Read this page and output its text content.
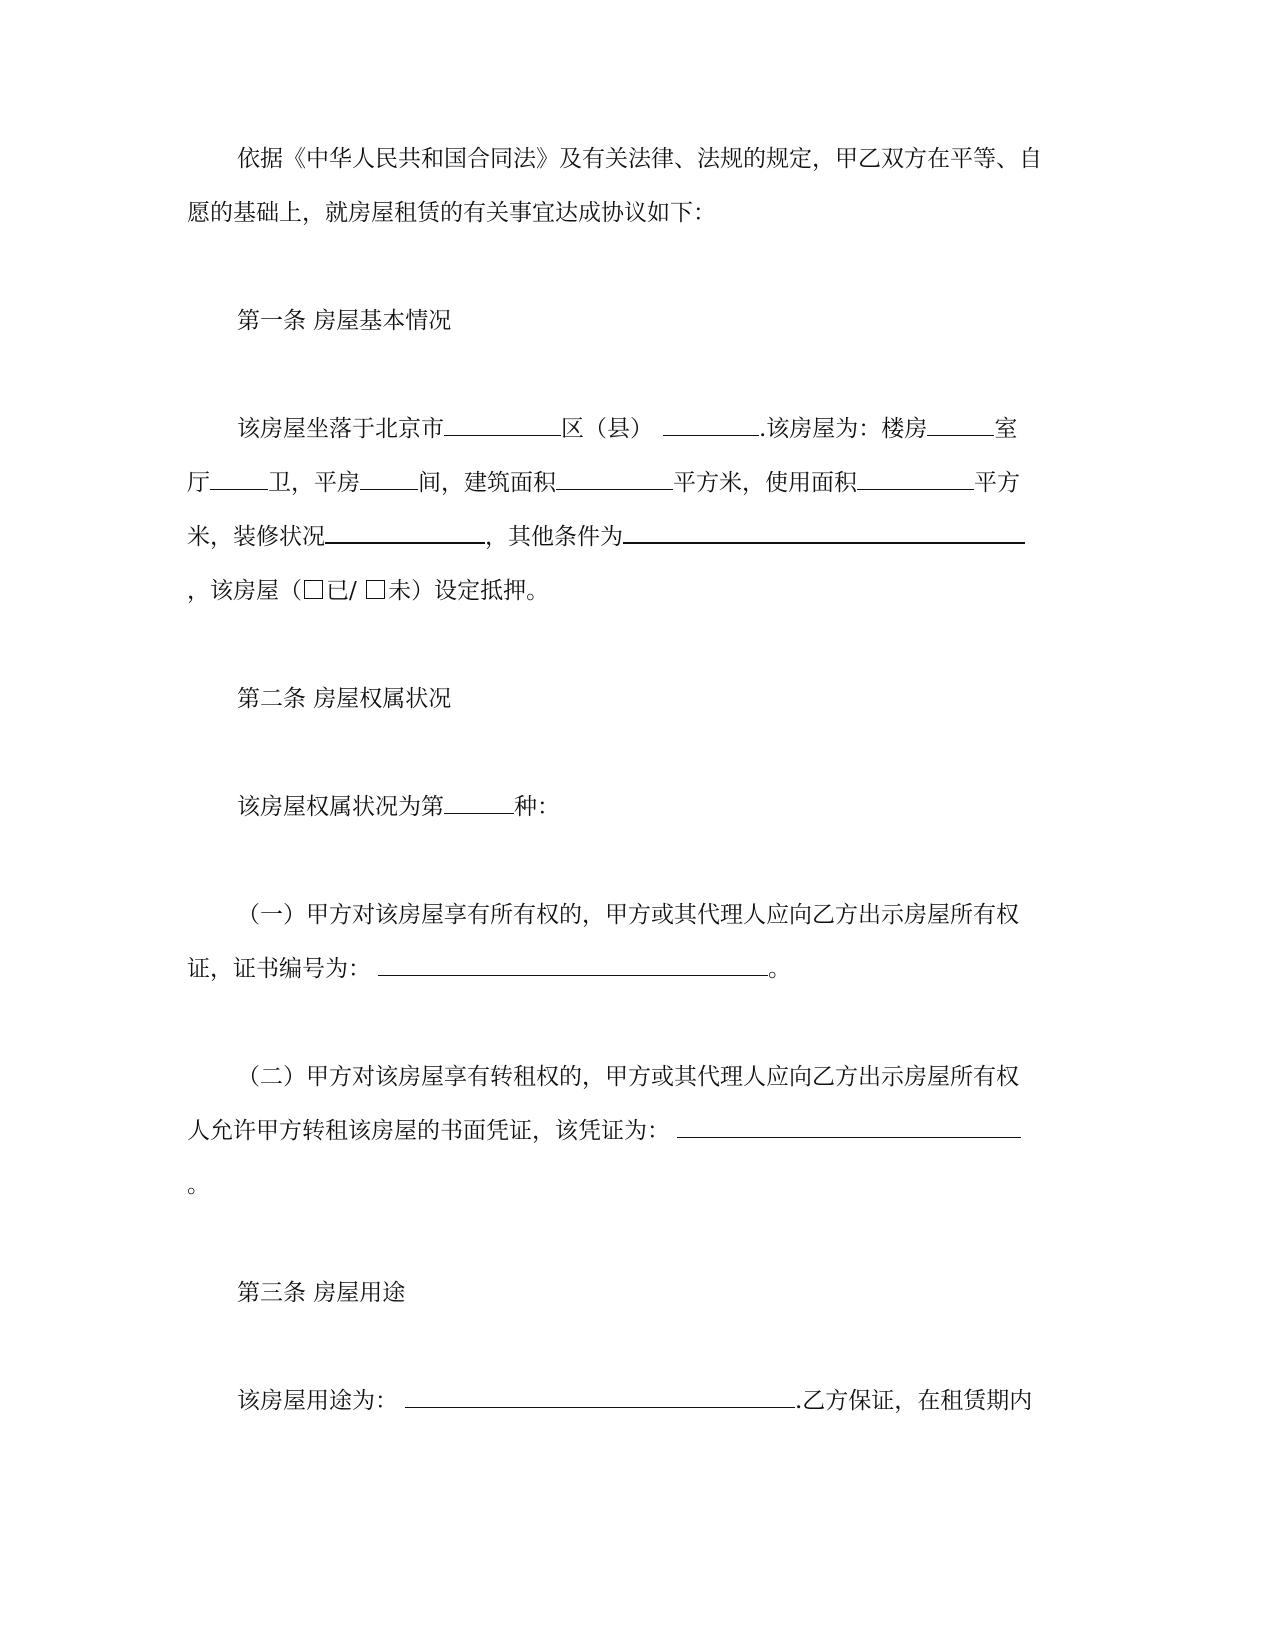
依据《中华人民共和国合同法》及有关法律、法规的规定，甲乙双方在平等、自
愿的基础上，就房屋租赁的有关事宜达成协议如下：
第一条 房屋基本情况
该房屋坐落于北京市	区（县）	.该房屋为：楼房	室
厅	卫，平房	间，建筑面积	平方米，使用面积	平方
米，装修状况	，其他条件为
，该房屋（ 已/ 未）设定抵押。
第二条 房屋权属状况
该房屋权属状况为第	种：
（一）甲方对该房屋享有所有权的，甲方或其代理人应向乙方出示房屋所有权
证，证书编号为：	。
（二）甲方对该房屋享有转租权的，甲方或其代理人应向乙方出示房屋所有权
人允许甲方转租该房屋的书面凭证，该凭证为：
。
第三条 房屋用途
该房屋用途为：	.乙方保证，在租赁期内
